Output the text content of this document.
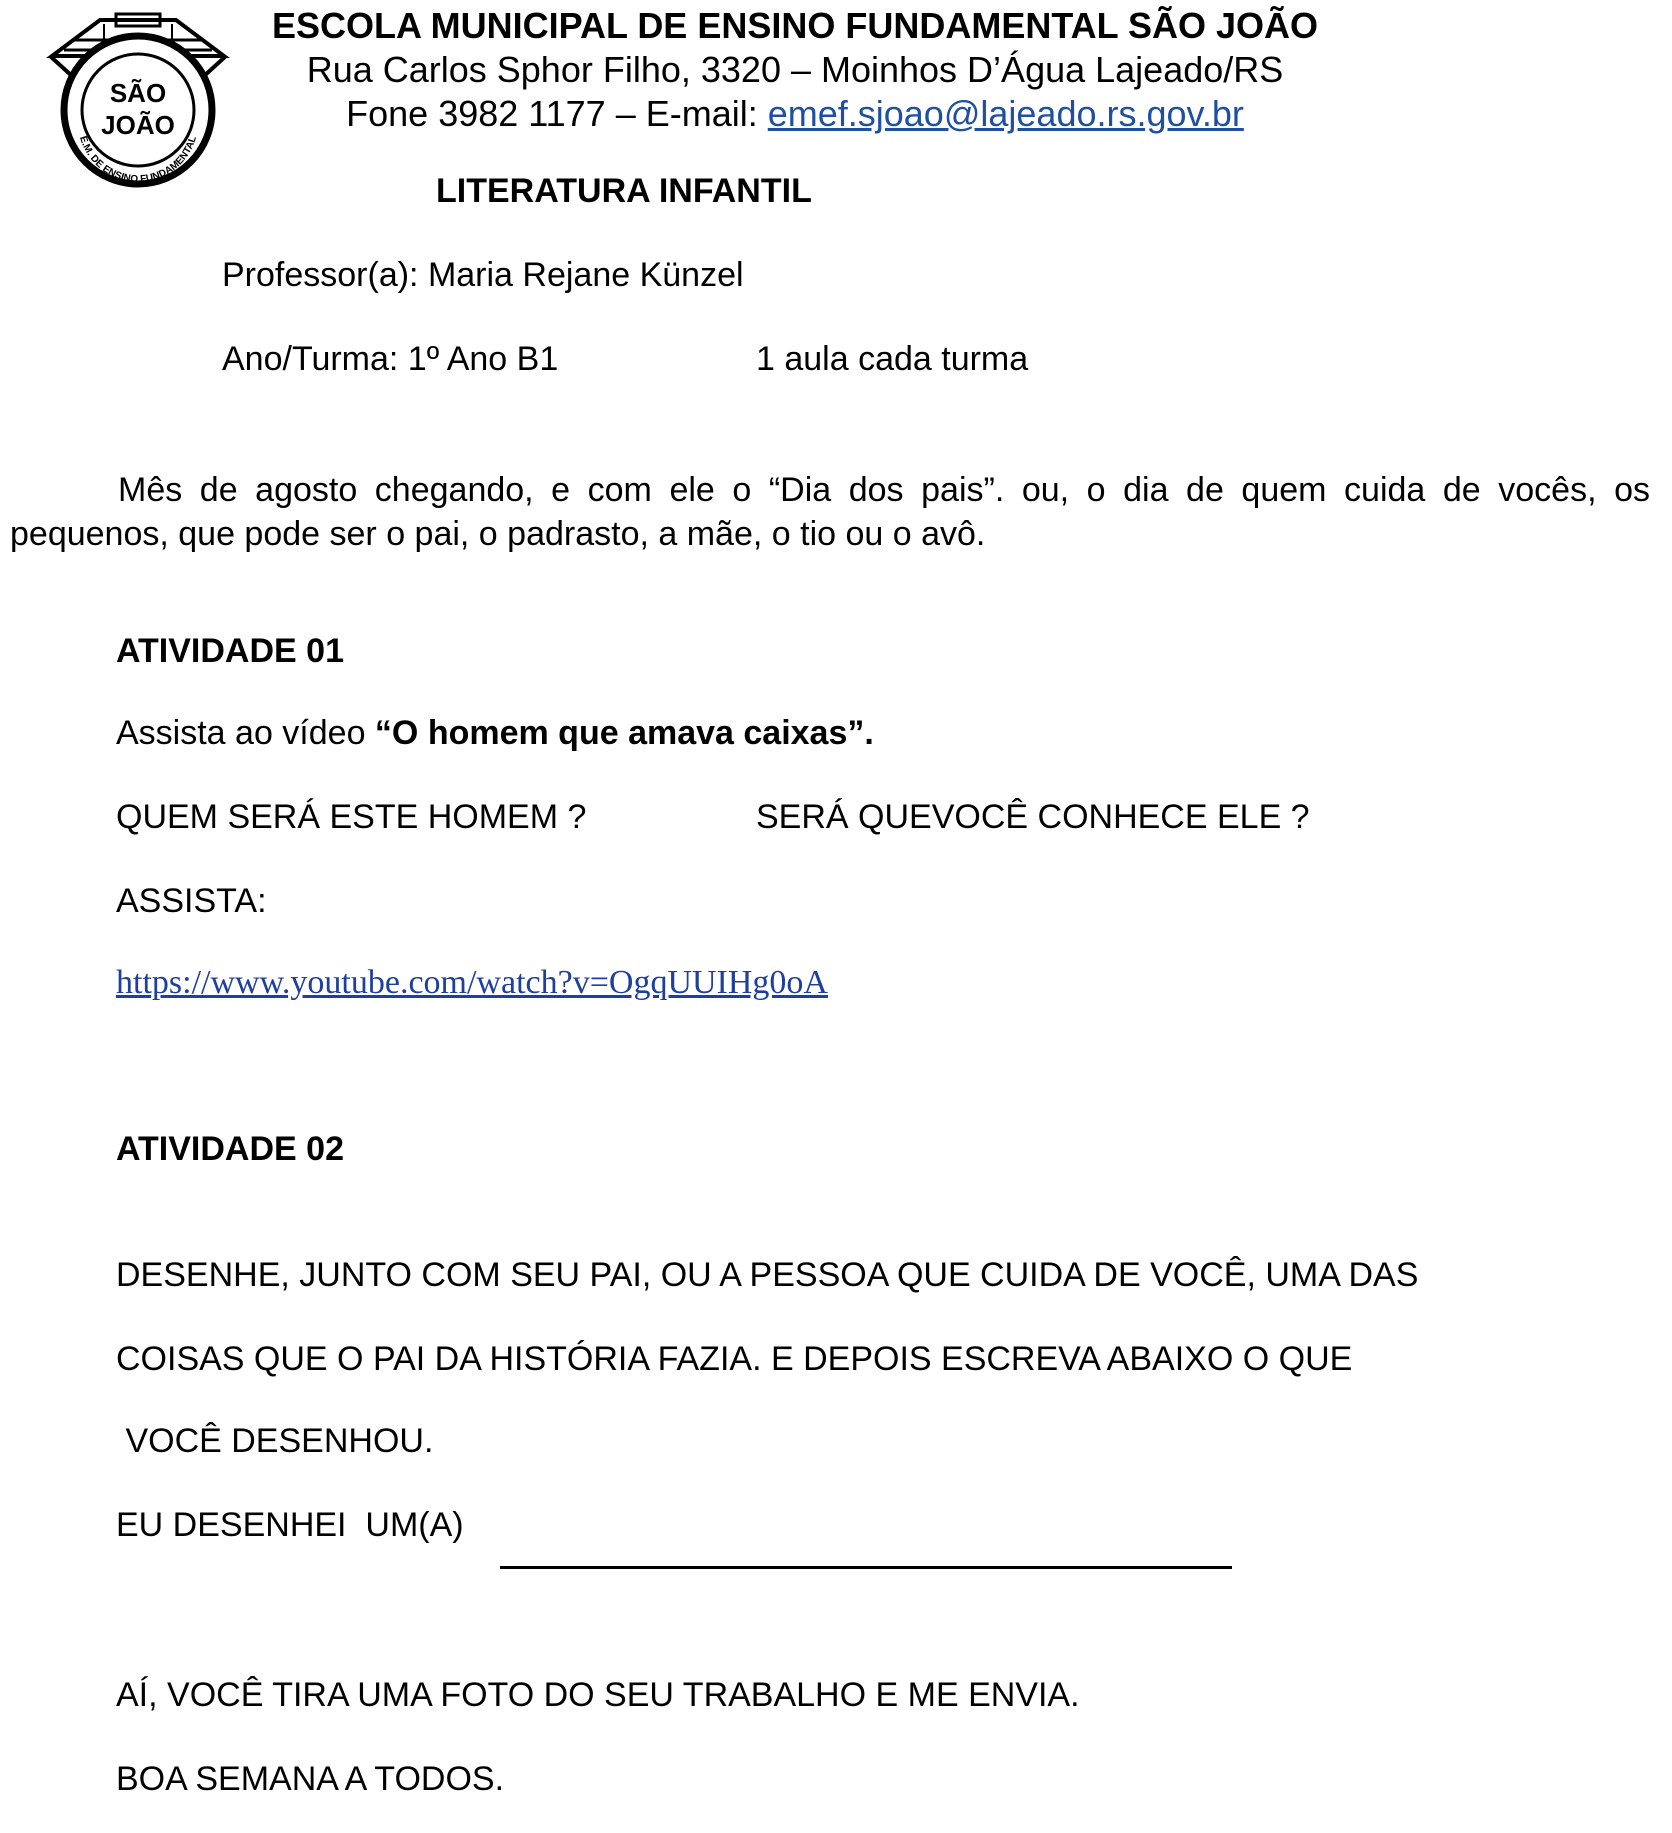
SÃO
JOÃO
E.M. DE ENSINO FUNDAMENTAL
ESCOLA MUNICIPAL DE ENSINO FUNDAMENTAL SÃO JOÃO
Rua Carlos Sphor Filho, 3320 – Moinhos D’Água Lajeado/RS
Fone 3982 1177 – E-mail: emef.sjoao@lajeado.rs.gov.br
LITERATURA INFANTIL
Professor(a): Maria Rejane Künzel
Ano/Turma: 1º Ano B1	1 aula cada turma
Mês de agosto chegando, e com ele o “Dia dos pais”. ou, o dia de quem cuida de vocês, os pequenos, que pode ser o pai, o padrasto, a mãe, o tio ou o avô.
ATIVIDADE 01
Assista ao vídeo “O homem que amava caixas”.
QUEM SERÁ ESTE HOMEM ?	SERÁ QUEVOCÊ CONHECE ELE ?
ASSISTA:
https://www.youtube.com/watch?v=OgqUUIHg0oA
ATIVIDADE 02
DESENHE, JUNTO COM SEU PAI, OU A PESSOA QUE CUIDA DE VOCÊ, UMA DAS
COISAS QUE O PAI DA HISTÓRIA FAZIA. E DEPOIS ESCREVA ABAIXO O QUE
VOCÊ DESENHOU.
EU DESENHEI  UM(A)
AÍ, VOCÊ TIRA UMA FOTO DO SEU TRABALHO E ME ENVIA.
BOA SEMANA A TODOS.
